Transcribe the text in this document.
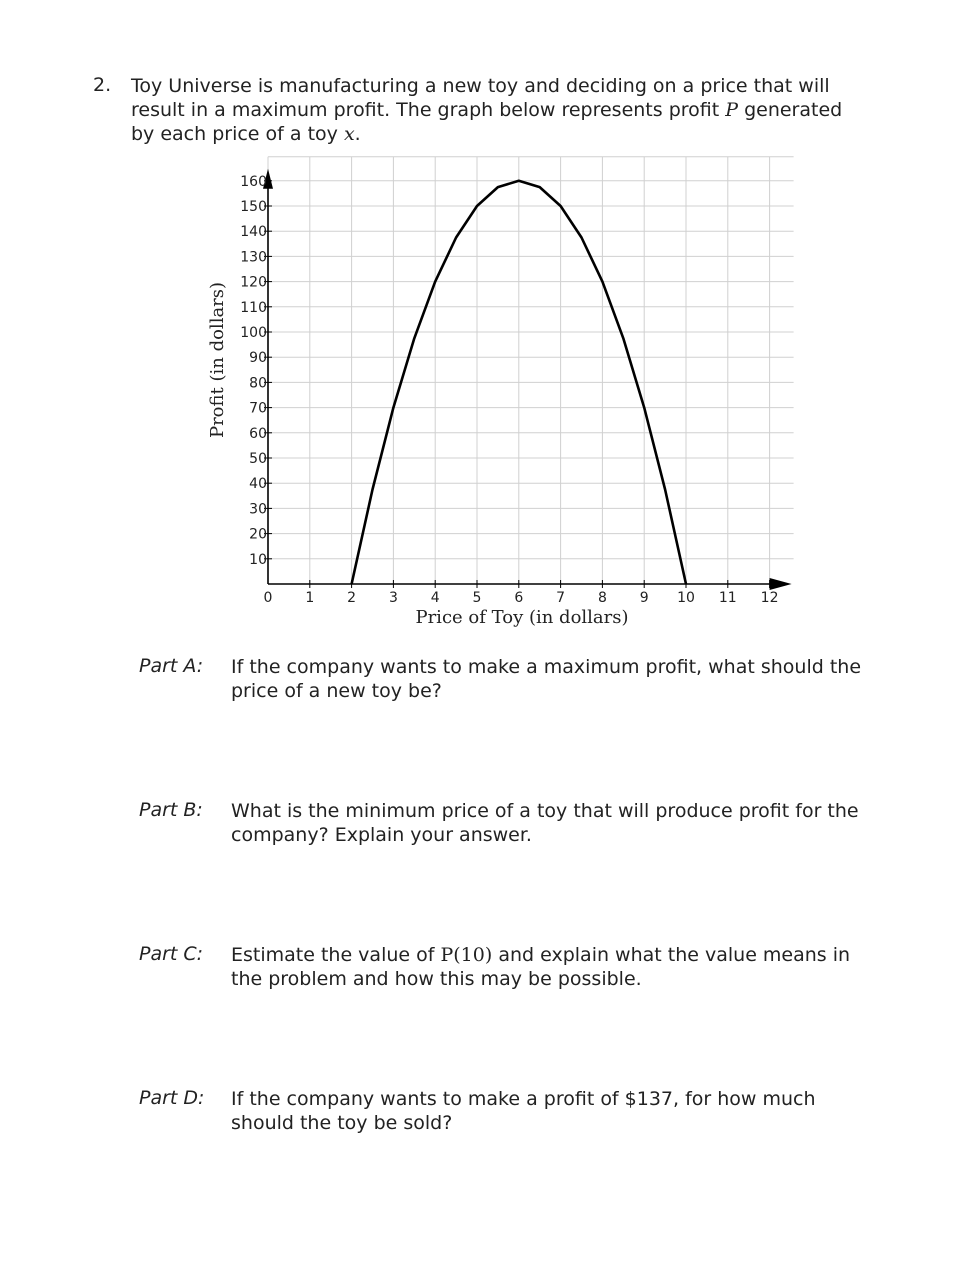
2. Toy Universe is manufacturing a new toy and deciding on a price that will result in a maximum profit. The graph below represents profit P generated by each price of a toy x.
10
20
30
40
50
60
70
80
90
100
110
120
130
140
150
160
0 1 2 3 4 5 6 7 8 9 10 11 12
Price of Toy (in dollars)
Profit (in dollars)
Part A: If the company wants to make a maximum profit, what should the price of a new toy be?
Part B: What is the minimum price of a toy that will produce profit for the company? Explain your answer.
Part C: Estimate the value of P(10) and explain what the value means in the problem and how this may be possible.
Part D: If the company wants to make a profit of $137, for how much should the toy be sold?
